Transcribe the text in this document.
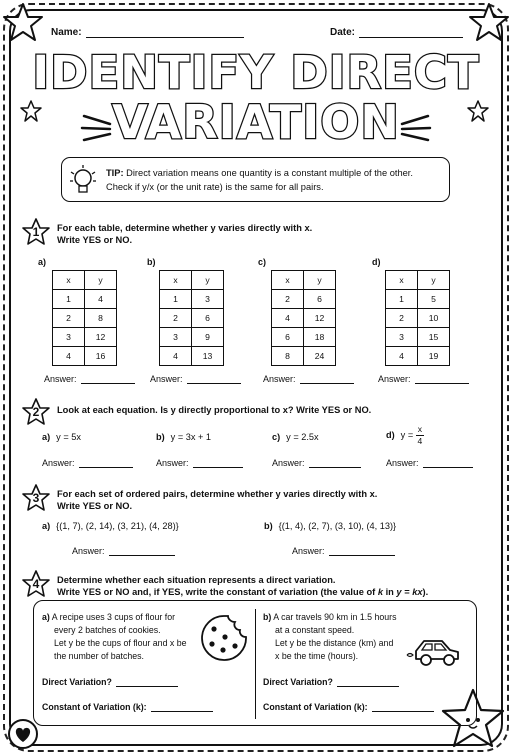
Name:	Date:
IDENTIFY DIRECT
VARIATION
TIP: Direct variation means one quantity is a constant multiple of the other.
Check if y/x (or the unit rate) is the same for all pairs.
1	For each table, determine whether y varies directly with x.
Write YES or NO.
a)
x	y
1	4
2	8
3	12
4	16
Answer:
b)
x	y
1	3
2	6
3	9
4	13
Answer:
c)
x	y
2	6
4	12
6	18
8	24
Answer:
d)
x	y
1	5
2	10
3	15
4	19
Answer:
2	Look at each equation. Is y directly proportional to x? Write YES or NO.
a) y = 5x	b) y = 3x + 1	c) y = 2.5x	d) $y = \frac{x}{4}$
Answer:	Answer:	Answer:	Answer:
3	For each set of ordered pairs, determine whether y varies directly with x.
Write YES or NO.
a) {(1, 7), (2, 14), (3, 21), (4, 28)}	b) {(1, 4), (2, 7), (3, 10), (4, 13)}
Answer:	Answer:
4	Determine whether each situation represents a direct variation.
Write YES or NO and, if YES, write the constant of variation (the value of k in y = kx).
a) A recipe uses 3 cups of flour for
every 2 batches of cookies.
Let y be the cups of flour and x be
the number of batches.
b) A car travels 90 km in 1.5 hours
at a constant speed.
Let y be the distance (km) and
x be the time (hours).
Direct Variation?
Constant of Variation (k):
Direct Variation?
Constant of Variation (k):
